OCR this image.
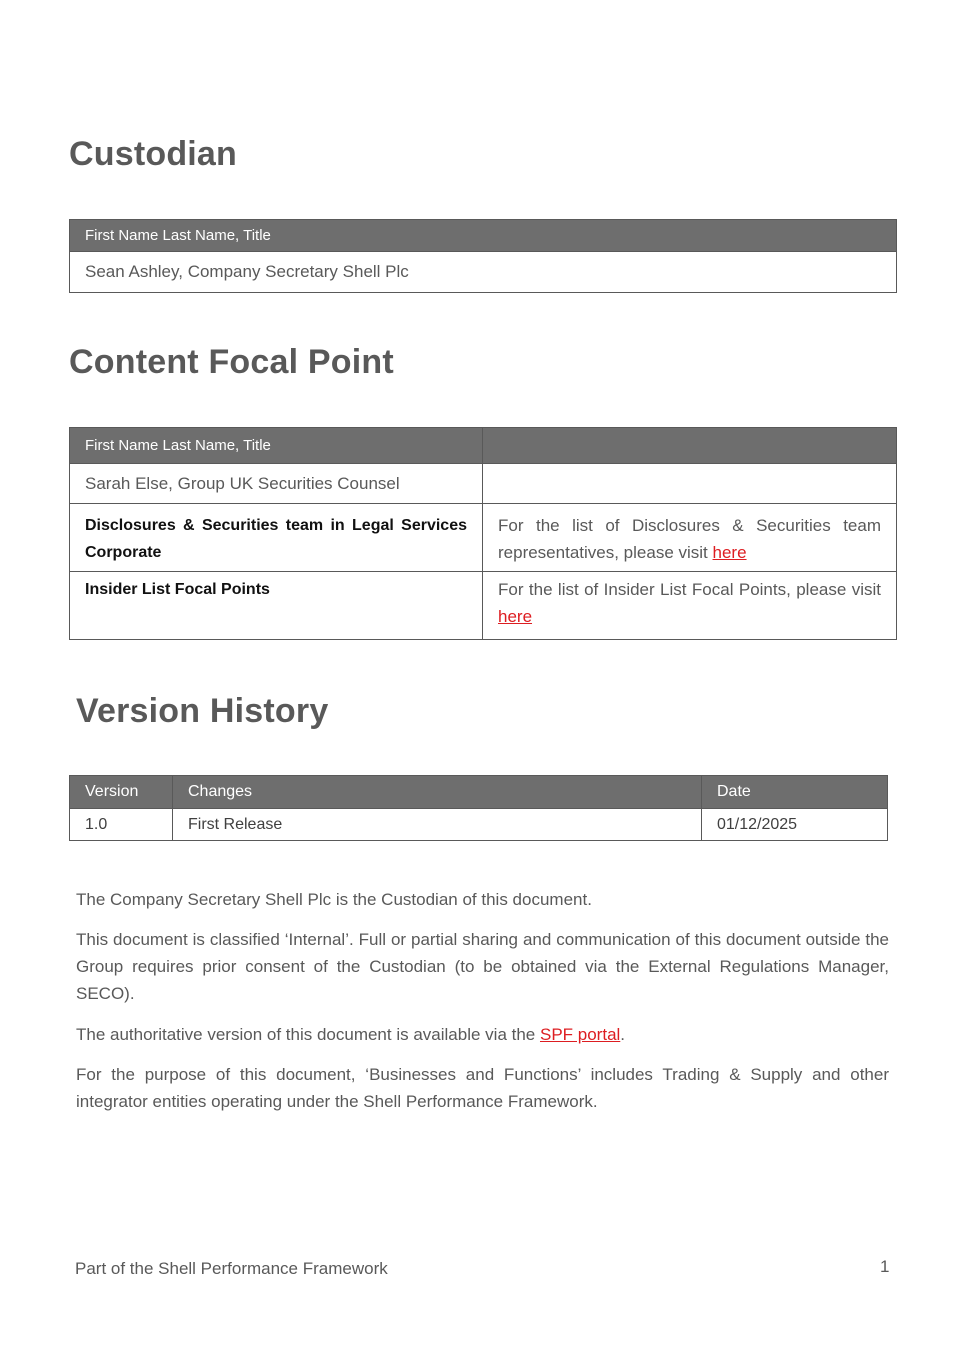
Custodian
First Name Last Name, Title
Sean Ashley, Company Secretary Shell Plc
Content Focal Point
First Name Last Name, Title	
Sarah Else, Group UK Securities Counsel	
Disclosures & Securities team in Legal Services Corporate	For the list of Disclosures & Securities team representatives, please visit here
Insider List Focal Points	For the list of Insider List Focal Points, please visit here
Version History
Version	Changes	Date
1.0	First Release	01/12/2025

The Company Secretary Shell Plc is the Custodian of this document.

This document is classified ‘Internal’. Full or partial sharing and communication of this document outside the Group requires prior consent of the Custodian (to be obtained via the External Regulations Manager, SECO).

The authoritative version of this document is available via the SPF portal.

For the purpose of this document, ‘Businesses and Functions’ includes Trading & Supply and other integrator entities operating under the Shell Performance Framework.

Part of the Shell Performance Framework	1
